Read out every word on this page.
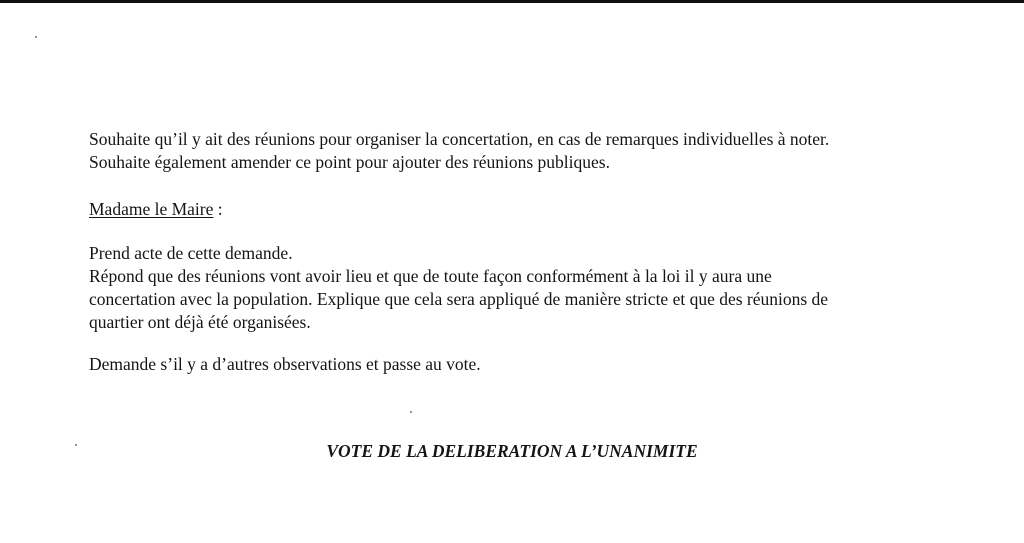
Souhaite qu’il y ait des réunions pour organiser la concertation, en cas de remarques individuelles à noter.
Souhaite également amender ce point pour ajouter des réunions publiques.
Madame le Maire :
Prend acte de cette demande.
Répond que des réunions vont avoir lieu et que de toute façon conformément à la loi il y aura une
concertation avec la population. Explique que cela sera appliqué de manière stricte et que des réunions de
quartier ont déjà été organisées.
Demande s’il y a d’autres observations et passe au vote.

VOTE DE LA DELIBERATION A L’UNANIMITE
